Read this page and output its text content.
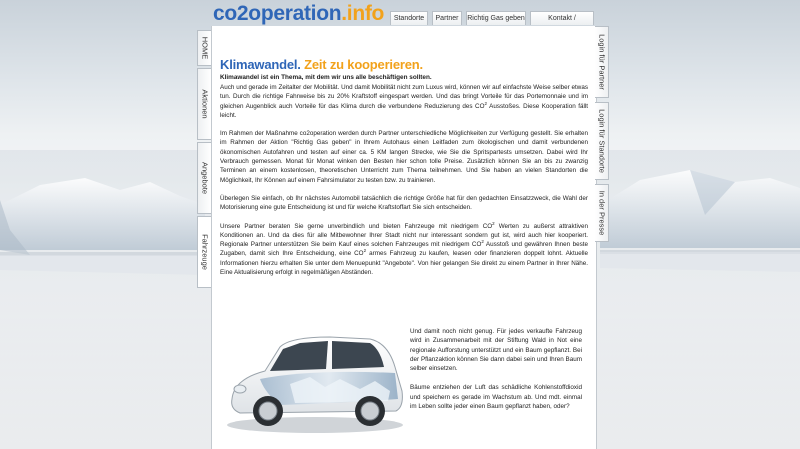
co2operation.info	Standorte	Partner	Richtig Gas geben	Kontakt /
HOME
Aktionen
Angebote
Fahrzeuge
Klimawandel. Zeit zu kooperieren.
Klimawandel ist ein Thema, mit dem wir uns alle beschäftigen sollten.

Auch und gerade im Zeitalter der Mobilität. Und damit Mobilität nicht zum Luxus wird, können wir auf einfachste Weise selber etwas tun. Durch die richtige Fahrweise bis zu 20% Kraftstoff eingespart werden. Und das bringt Vorteile für das Portemonnaie und im gleichen Augenblick auch Vorteile für das Klima durch die verbundene Reduzierung des $CO^2$ Ausstoßes. Diese Kooperation fällt leicht.

Im Rahmen der Maßnahme co2operation werden durch Partner unterschiedliche Möglichkeiten zur Verfügung gestellt. Sie erhalten im Rahmen der Aktion "Richtig Gas geben" in Ihrem Autohaus einen Leitfaden zum ökologischen und damit verbundenen ökonomischen Autofahren und testen auf einer ca. 5 KM langen Strecke, wie Sie die Spritspartests umsetzen. Dabei wird Ihr Verbrauch gemessen. Monat für Monat winken den Besten hier schon tolle Preise. Zusätzlich können Sie an bis zu zwanzig Terminen an einem kostenlosen, theoretischen Unterricht zum Thema teilnehmen. Und Sie haben an vielen Standorten die Möglichkeit, Ihr Können auf einem Fahrsimulator zu testen bzw. zu trainieren.

Überlegen Sie einfach, ob Ihr nächstes Automobil tatsächlich die richtige Größe hat für den gedachten Einsatzzweck, die Wahl der Motorisierung eine gute Entscheidung ist und für welche Kraftstoffart Sie sich entscheiden.

Unsere Partner beraten Sie gerne unverbindlich und bieten Fahrzeuge mit niedrigem $CO^2$ Werten zu außerst attraktiven Konditionen an. Und da dies für alle Mitbewohner Ihrer Stadt nicht nur interessant sondern gut ist, wird auch hier kooperiert. Regionale Partner unterstützen Sie beim Kauf eines solchen Fahrzeuges mit niedrigem $CO^2$ Ausstoß und gewähren Ihnen beste Zugaben, damit sich Ihre Entscheidung, eine $CO^2$ armes Fahrzeug zu kaufen, leasen oder finanzieren doppelt lohnt. Aktuelle Informationen hierzu erhalten Sie unter dem Menuepunkt "Angebote". Von hier gelangen Sie direkt zu einem Partner in Ihrer Nähe. Eine Aktualisierung erfolgt in regelmäßigen Abständen.

Und damit noch nicht genug. Für jedes verkaufte Fahrzeug wird in Zusammenarbeit mit der Stiftung Wald in Not eine regionale Aufforstung unterstützt und ein Baum gepflanzt. Bei der Pflanzaktion können Sie dann dabei sein und Ihren Baum selber einsetzen.

Bäume entziehen der Luft das schädliche Kohlenstoffdioxid und speichern es gerade im Wachstum ab. Und mdt. einmal im Leben sollte jeder einen Baum gepflanzt haben, oder?

Login für Partner
Login für Standorte
In der Presse
